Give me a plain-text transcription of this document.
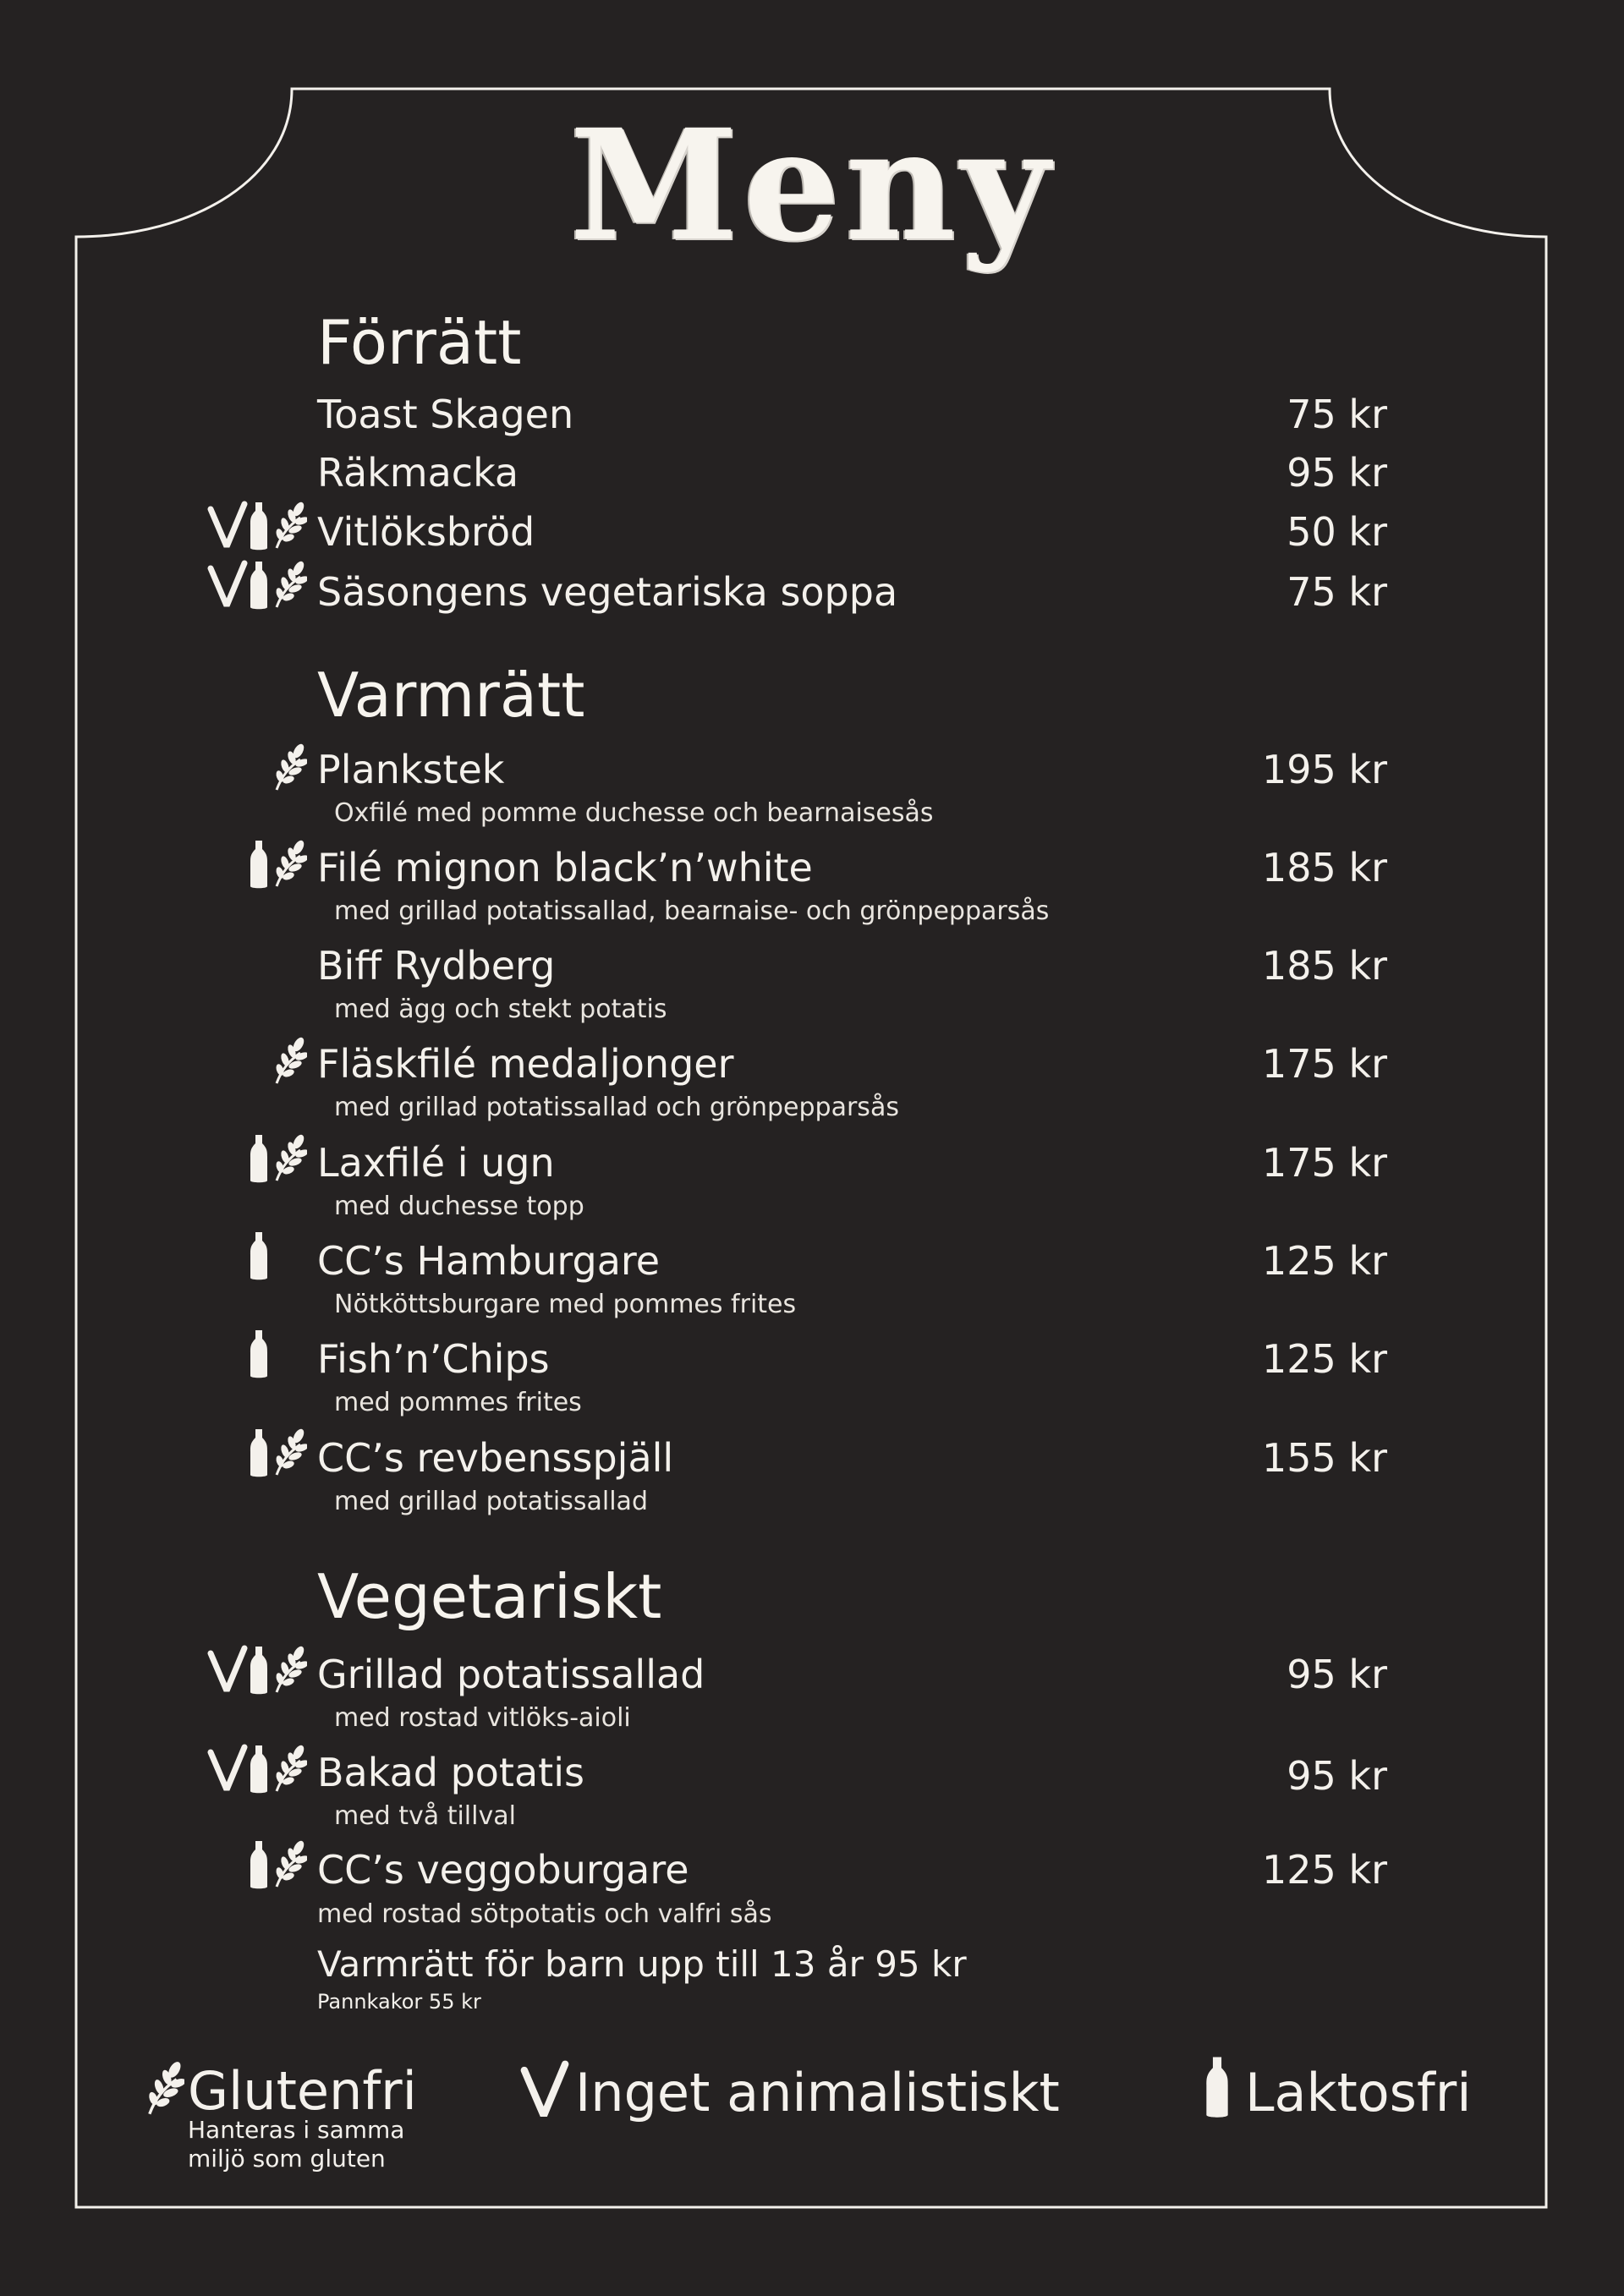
Meny
Förrätt
Toast Skagen	75 kr
Räkmacka	95 kr
Vitlöksbröd	50 kr
Säsongens vegetariska soppa	75 kr
Varmrätt
Plankstek	195 kr
Oxfilé med pomme duchesse och bearnaisesås
Filé mignon black’n’white	185 kr
med grillad potatissallad, bearnaise- och grönpepparsås
Biff Rydberg	185 kr
med ägg och stekt potatis
Fläskfilé medaljonger	175 kr
med grillad potatissallad och grönpepparsås
Laxfilé i ugn	175 kr
med duchesse topp
CC’s Hamburgare	125 kr
Nötköttsburgare med pommes frites
Fish’n’Chips	125 kr
med pommes frites
CC’s revbensspjäll	155 kr
med grillad potatissallad
Vegetariskt
Grillad potatissallad	95 kr
med rostad vitlöks-aioli
Bakad potatis	95 kr
med två tillval
CC’s veggoburgare	125 kr
med rostad sötpotatis och valfri sås
Varmrätt för barn upp till 13 år 95 kr
Pannkakor 55 kr
Glutenfri
Hanteras i samma
miljö som gluten
Inget animalistiskt	Laktosfri
